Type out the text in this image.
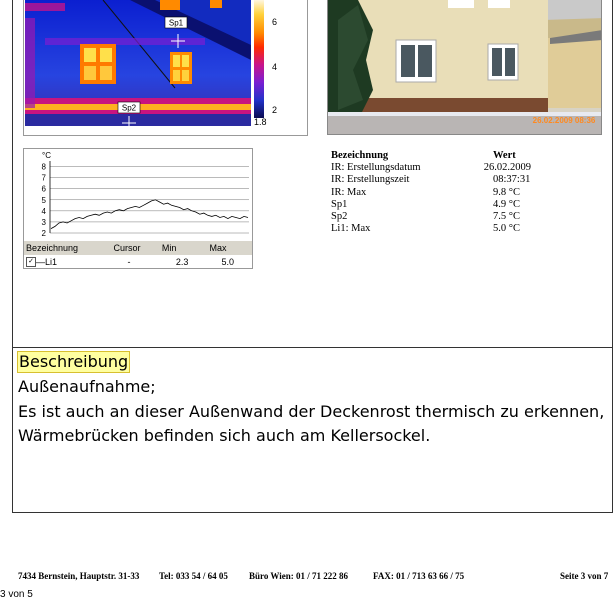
Sp1
Sp2
6
4
2
1.8	26.02.2009 08:36
°C
8
7
6
5
4
3
2
Bezeichnung	Cursor	Min	Max
✓ —Li1	-	2.3	5.0
Bezeichnung	Wert
IR: Erstellungsdatum	26.02.2009
IR: Erstellungszeit	08:37:31
IR: Max	9.8 °C
Sp1	4.9 °C
Sp2	7.5 °C
Li1: Max	5.0 °C
Beschreibung
Außenaufnahme;
Es ist auch an dieser Außenwand der Deckenrost thermisch zu erkennen,
Wärmebrücken befinden sich auch am Kellersockel.
7434 Bernstein, Hauptstr. 31-33 Tel: 033 54 / 64 05 Büro Wien: 01 / 71 222 86	FAX: 01 / 713 63 66 / 75	Seite 3 von 7
3 von 5
